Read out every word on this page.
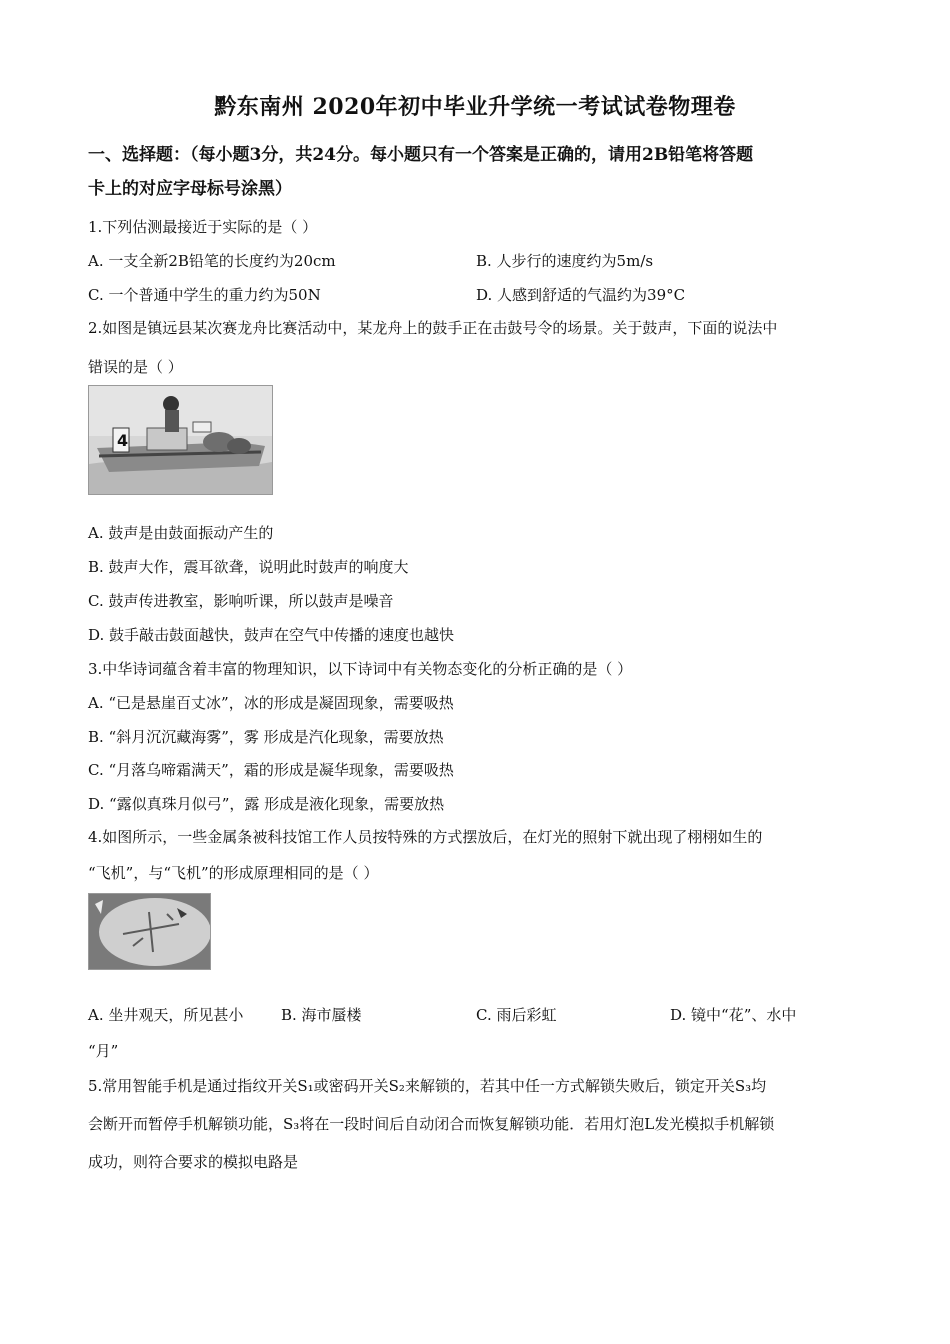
黔东南州 2020年初中毕业升学统一考试试卷物理卷
一、选择题：（每小题3分，共24分。每小题只有一个答案是正确的，请用2B铅笔将答题
卡上的对应字母标号涂黑）
1.下列估测最接近于实际的是（ ）
A. 一支全新2B铅笔的长度约为20cm	B. 人步行的速度约为5m/s
C. 一个普通中学生的重力约为50N	D. 人感到舒适的气温约为39°C
2.如图是镇远县某次赛龙舟比赛活动中，某龙舟上的鼓手正在击鼓号令的场景。关于鼓声，下面的说法中
错误的是（ ）
4
A. 鼓声是由鼓面振动产生的
B. 鼓声大作，震耳欲聋，说明此时鼓声的响度大
C. 鼓声传进教室，影响听课，所以鼓声是噪音
D. 鼓手敲击鼓面越快，鼓声在空气中传播的速度也越快
3.中华诗词蕴含着丰富的物理知识，以下诗词中有关物态变化的分析正确的是（ ）
A. “已是悬崖百丈冰”，冰的形成是凝固现象，需要吸热
B. “斜月沉沉藏海雾”，雾 形成是汽化现象，需要放热
C. “月落乌啼霜满天”，霜的形成是凝华现象，需要吸热
D. “露似真珠月似弓”，露 形成是液化现象，需要放热
4.如图所示，一些金属条被科技馆工作人员按特殊的方式摆放后，在灯光的照射下就出现了栩栩如生的
“飞机”，与“飞机”的形成原理相同的是（ ）
A. 坐井观天，所见甚小	B. 海市蜃楼	C. 雨后彩虹	D. 镜中“花”、水中
“月”
5.常用智能手机是通过指纹开关S₁或密码开关S₂来解锁的，若其中任一方式解锁失败后，锁定开关S₃均
会断开而暂停手机解锁功能，S₃将在一段时间后自动闭合而恢复解锁功能．若用灯泡L发光模拟手机解锁
成功，则符合要求的模拟电路是
